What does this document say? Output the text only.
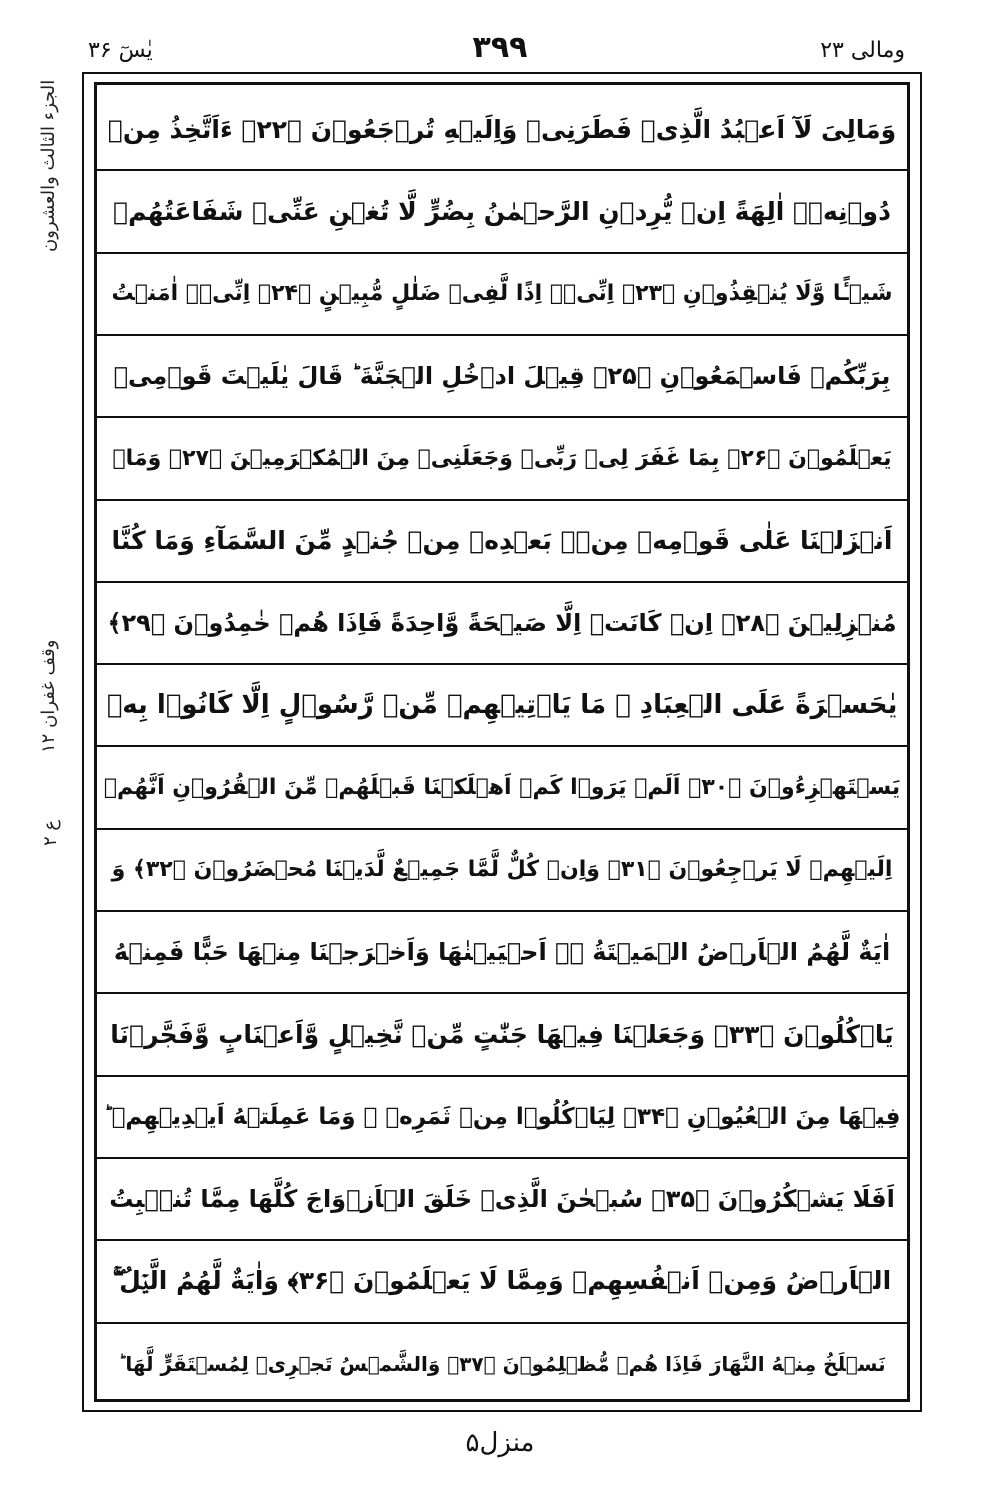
ومالی ۲۳
۳۹۹
یٰسٓ ۳۶
الجزء الثالث والعشرون
وقف غفران ۱۲
ع ۲
وَمَالِیَ لَآ اَعۡبُدُ الَّذِیۡ فَطَرَنِیۡ وَاِلَیۡهِ تُرۡجَعُوۡنَ ﴿۲۲﴾ ءَاَتَّخِذُ مِنۡ
دُوۡنِهٖۤ اٰلِهَةً اِنۡ یُّرِدۡنِ الرَّحۡمٰنُ بِضُرٍّ لَّا تُغۡنِ عَنِّیۡ شَفَاعَتُهُمۡ
شَیۡـًٔا وَّلَا یُنۡقِذُوۡنِ ﴿۲۳﴾ اِنِّیۡۤ اِذًا لَّفِیۡ ضَلٰلٍ مُّبِیۡنٍ ﴿۲۴﴾ اِنِّیۡۤ اٰمَنۡتُ
بِرَبِّكُمۡ فَاسۡمَعُوۡنِ ﴿۲۵﴾ قِیۡلَ ادۡخُلِ الۡجَنَّةَ ؕ قَالَ یٰلَیۡتَ قَوۡمِیۡ
یَعۡلَمُوۡنَ ﴿۲۶﴾ بِمَا غَفَرَ لِیۡ رَبِّیۡ وَجَعَلَنِیۡ مِنَ الۡمُكۡرَمِیۡنَ ﴿۲۷﴾ وَمَاۤ
اَنۡزَلۡنَا عَلٰی قَوۡمِهٖ مِنۡۢ بَعۡدِهٖ مِنۡ جُنۡدٍ مِّنَ السَّمَآءِ وَمَا كُنَّا
مُنۡزِلِیۡنَ ﴿۲۸﴾ اِنۡ كَانَتۡ اِلَّا صَیۡحَةً وَّاحِدَةً فَاِذَا هُمۡ خٰمِدُوۡنَ ﴿۲۹﴾
یٰحَسۡرَةً عَلَی الۡعِبَادِ ۚ مَا یَاۡتِیۡهِمۡ مِّنۡ رَّسُوۡلٍ اِلَّا كَانُوۡا بِهٖ
یَسۡتَهۡزِءُوۡنَ ﴿۳۰﴾ اَلَمۡ یَرَوۡا كَمۡ اَهۡلَكۡنَا قَبۡلَهُمۡ مِّنَ الۡقُرُوۡنِ اَنَّهُمۡ
اِلَیۡهِمۡ لَا یَرۡجِعُوۡنَ ﴿۳۱﴾ وَاِنۡ كُلٌّ لَّمَّا جَمِیۡعٌ لَّدَیۡنَا مُحۡضَرُوۡنَ ﴿۳۲﴾ وَ
اٰیَةٌ لَّهُمُ الۡاَرۡضُ الۡمَیۡتَةُ ۖۚ اَحۡیَیۡنٰهَا وَاَخۡرَجۡنَا مِنۡهَا حَبًّا فَمِنۡهُ
یَاۡكُلُوۡنَ ﴿۳۳﴾ وَجَعَلۡنَا فِیۡهَا جَنّٰتٍ مِّنۡ نَّخِیۡلٍ وَّاَعۡنَابٍ وَّفَجَّرۡنَا
فِیۡهَا مِنَ الۡعُیُوۡنِ ﴿۳۴﴾ لِیَاۡكُلُوۡا مِنۡ ثَمَرِهٖ ۙ وَمَا عَمِلَتۡهُ اَیۡدِیۡهِمۡ ؕ
اَفَلَا یَشۡكُرُوۡنَ ﴿۳۵﴾ سُبۡحٰنَ الَّذِیۡ خَلَقَ الۡاَزۡوَاجَ كُلَّهَا مِمَّا تُنۡۢبِتُ
الۡاَرۡضُ وَمِنۡ اَنۡفُسِهِمۡ وَمِمَّا لَا یَعۡلَمُوۡنَ ﴿۳۶﴾ وَاٰیَةٌ لَّهُمُ الَّیۡلُ ۖۚ
نَسۡلَخُ مِنۡهُ النَّهَارَ فَاِذَا هُمۡ مُّظۡلِمُوۡنَ ﴿۳۷﴾ وَالشَّمۡسُ تَجۡرِیۡ لِمُسۡتَقَرٍّ لَّهَا ؕ
منزل۵
